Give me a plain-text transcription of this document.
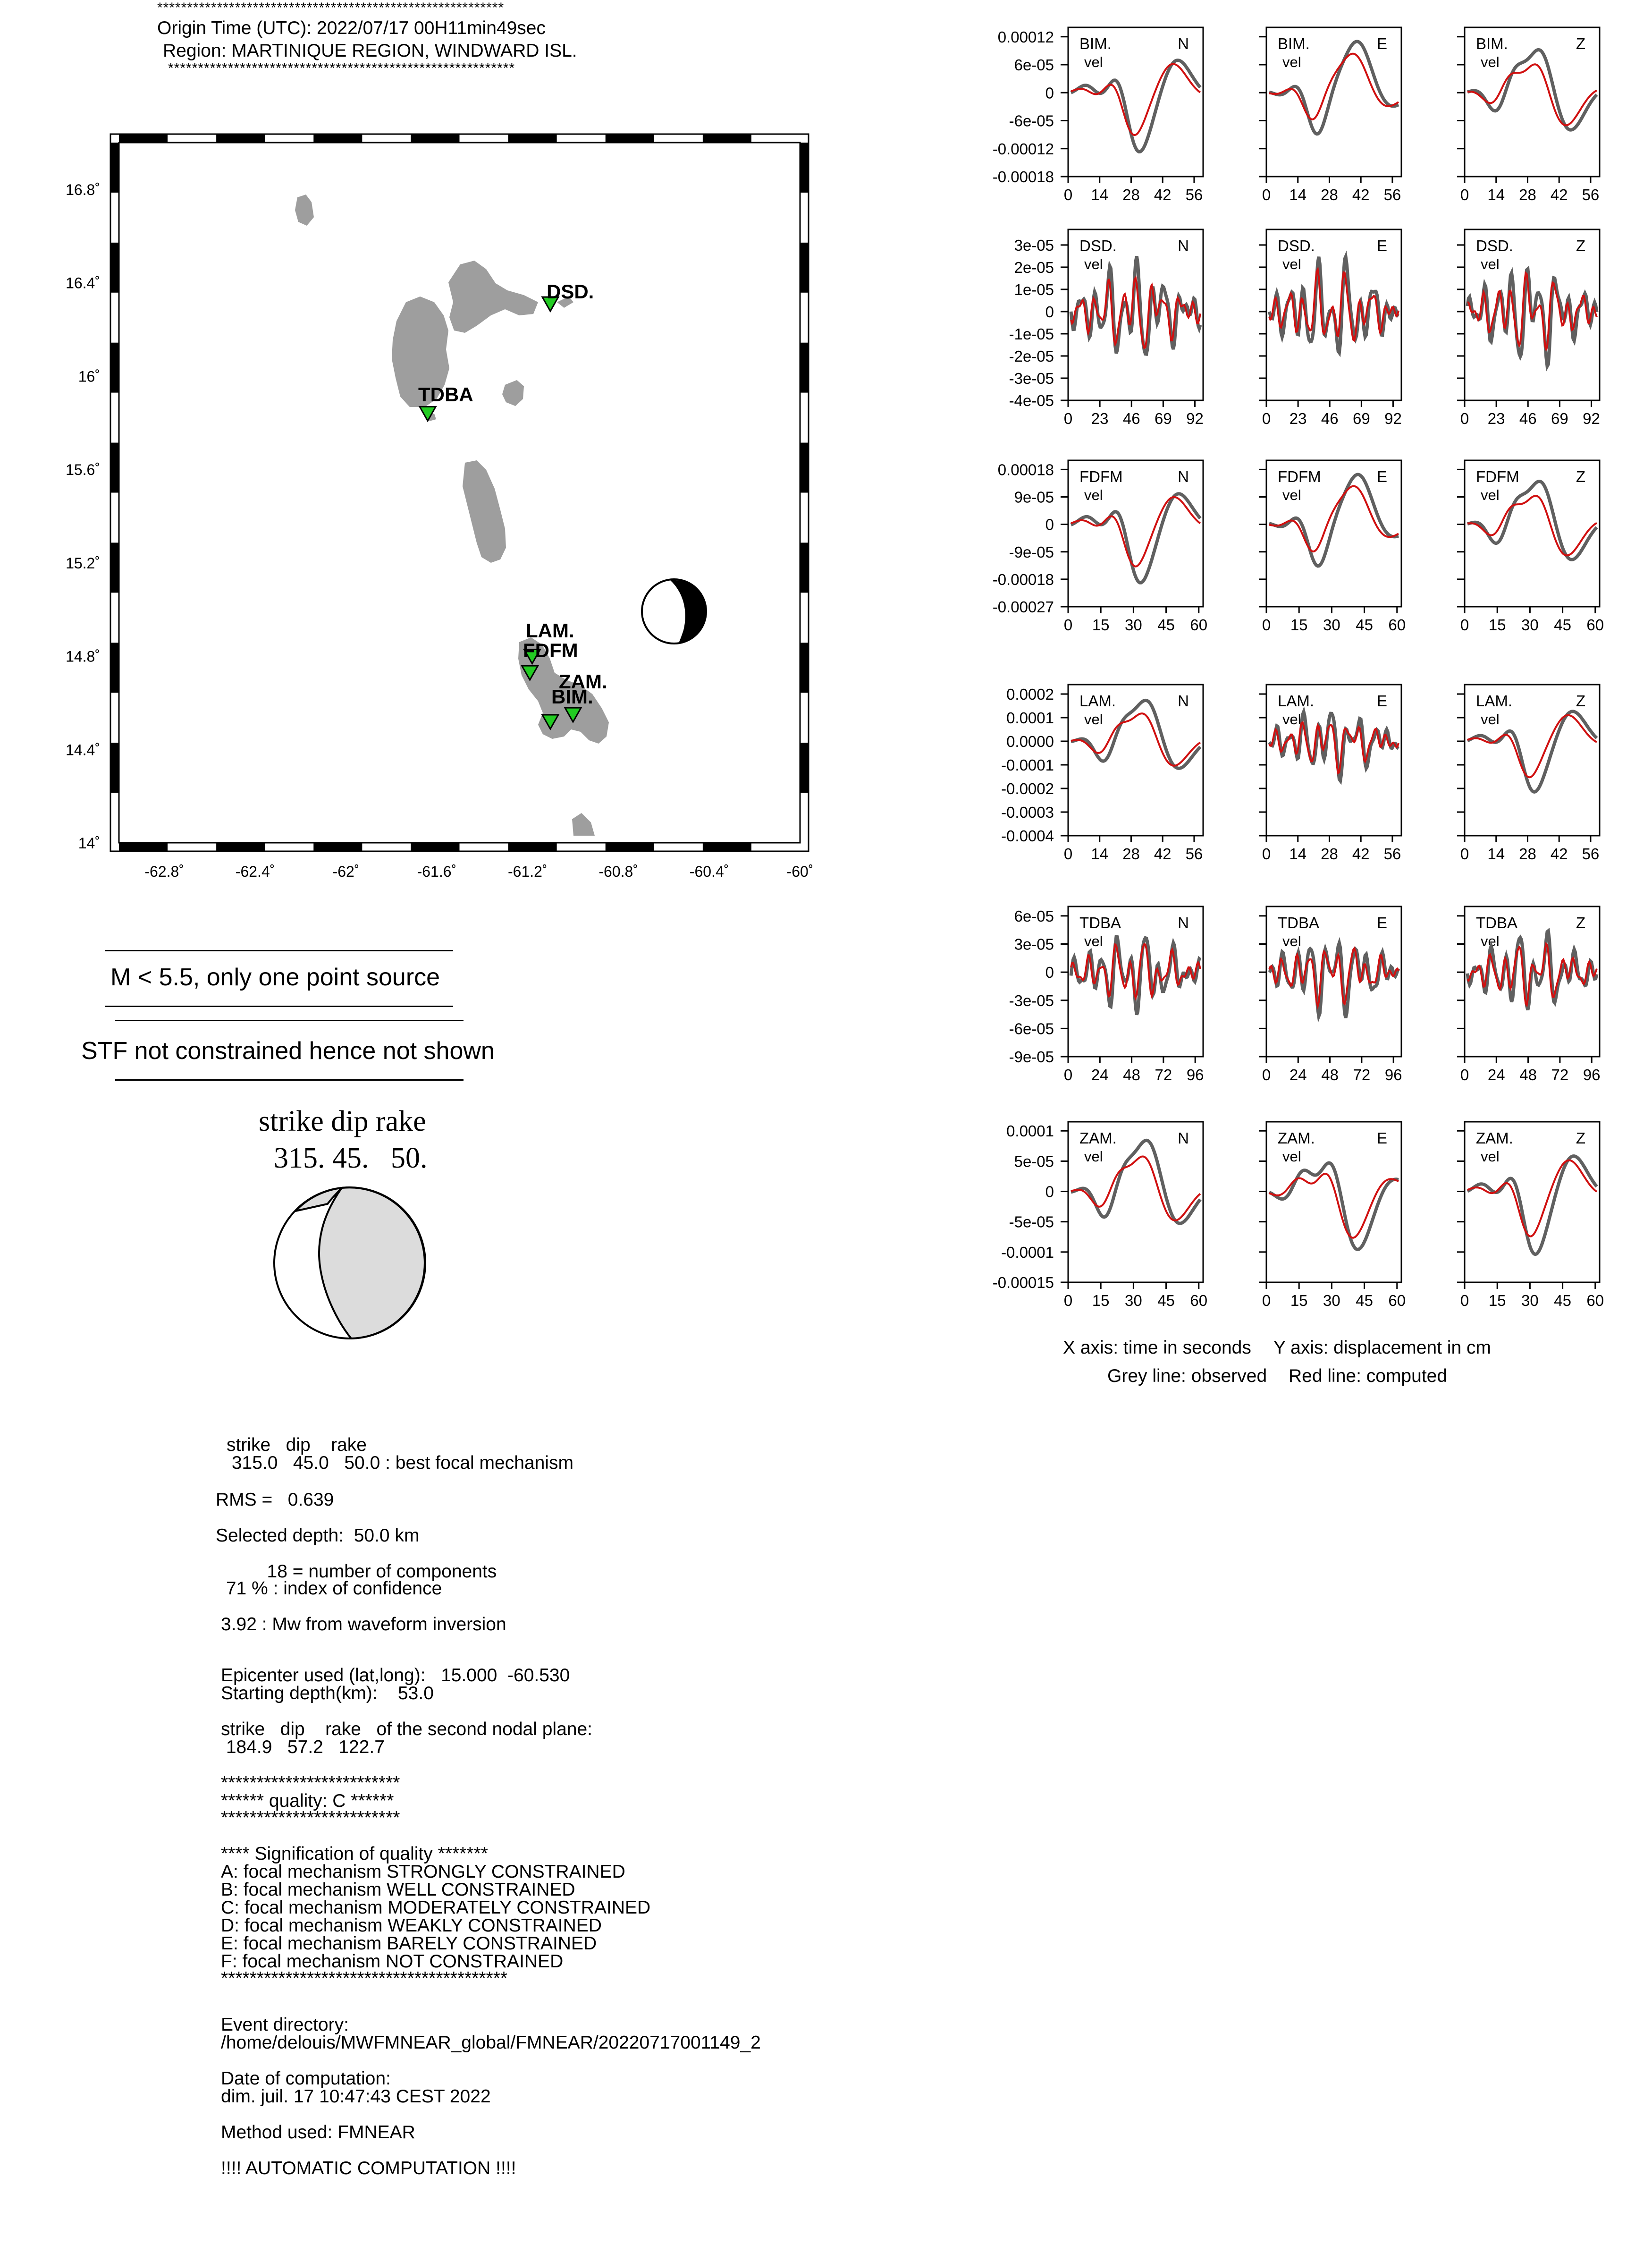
**********************************************************
Origin Time (UTC): 2022/07/17 00H11min49sec
Region: MARTINIQUE REGION, WINDWARD ISL.
**********************************************************
16.8˚
16.4˚
16˚
15.6˚
15.2˚
14.8˚
14.4˚
14˚
-62.8˚	-62.4˚	-62˚	-61.6˚	-61.2˚	-60.8˚	-60.4˚	-60˚
DSD.
TDBA
LAM.
FDFM
ZAM.
BIM.
M < 5.5, only one point source
STF not constrained hence not shown
strike dip rake
315. 45.   50.
strike   dip    rake
315.0   45.0   50.0 : best focal mechanism
RMS =   0.639
Selected depth:  50.0 km
18 = number of components
71 % : index of confidence
3.92 : Mw from waveform inversion
Epicenter used (lat,long):   15.000  -60.530
Starting depth(km):    53.0
strike   dip    rake   of the second nodal plane:
184.9   57.2   122.7
*************************
****** quality: C ******
*************************
**** Signification of quality *******
A: focal mechanism STRONGLY CONSTRAINED
B: focal mechanism WELL CONSTRAINED
C: focal mechanism MODERATELY CONSTRAINED
D: focal mechanism WEAKLY CONSTRAINED
E: focal mechanism BARELY CONSTRAINED
F: focal mechanism NOT CONSTRAINED
****************************************
Event directory:
/home/delouis/MWFMNEAR_global/FMNEAR/20220717001149_2
Date of computation:
dim. juil. 17 10:47:43 CEST 2022
Method used: FMNEAR
!!!! AUTOMATIC COMPUTATION !!!!
0.00012
6e-05
0
-6e-05
-0.00012
-0.00018
0 14 28 42 56
BIM.
vel
N
0 14 28 42 56
BIM.
vel
E
0 14 28 42 56
BIM.
vel
Z
3e-05
2e-05
1e-05
0
-1e-05
-2e-05
-3e-05
-4e-05
0 23 46 69 92
DSD.
vel
N
0 23 46 69 92
DSD.
vel
E
0 23 46 69 92
DSD.
vel
Z
0.00018
9e-05
0
-9e-05
-0.00018
-0.00027
0 15 30 45 60
FDFM
vel
N
0 15 30 45 60
FDFM
vel
E
0 15 30 45 60
FDFM
vel
Z
0.0002
0.0001
0.0000
-0.0001
-0.0002
-0.0003
-0.0004
0 14 28 42 56
LAM.
vel
N
0 14 28 42 56
LAM.
vel
E
0 14 28 42 56
LAM.
vel
Z
6e-05
3e-05
0
-3e-05
-6e-05
-9e-05
0 24 48 72 96
TDBA
vel
N
0 24 48 72 96
TDBA
vel
E
0 24 48 72 96
TDBA
vel
Z
0.0001
5e-05
0
-5e-05
-0.0001
-0.00015
0 15 30 45 60
ZAM.
vel
N
0 15 30 45 60
ZAM.
vel
E
0 15 30 45 60
ZAM.
vel
Z
X axis: time in seconds Y axis: displacement in cm
Grey line: observed Red line: computed
